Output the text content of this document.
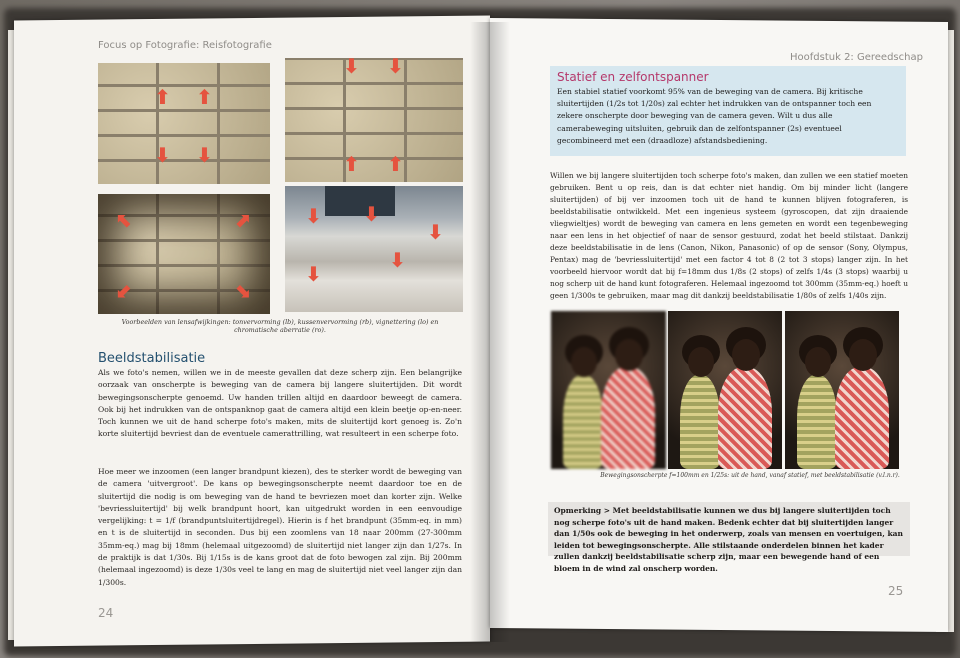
Focus op Fotografie: Reisfotografie
24
⬆ ⬆
⬇ ⬇
⬇ ⬇
⬆ ⬆
⬉	⬈
⬋	⬊
⬇ ⬇
⬇
⬇
⬇
Voorbeelden van lensafwijkingen: tonvervorming (lb), kussenvervorming (rb), vignettering (lo) en chromatische aberratie (ro).
Beeldstabilisatie
Als we foto's nemen, willen we in de meeste gevallen dat deze scherp zijn. Een belangrijke oorzaak van onscherpte is beweging van de camera bij langere sluitertijden. Dit wordt bewegingsonscherpte genoemd. Uw handen trillen altijd en daardoor beweegt de camera. Ook bij het indrukken van de ontspanknop gaat de camera altijd een klein beetje op-en-neer. Toch kunnen we uit de hand scherpe foto's maken, mits de sluitertijd kort genoeg is. Zo'n korte sluitertijd bevriest dan de eventuele camerattrilling, wat resulteert in een scherpe foto.
Hoe meer we inzoomen (een langer brandpunt kiezen), des te sterker wordt de beweging van de camera 'uitvergroot'. De kans op bewegingsonscherpte neemt daardoor toe en de sluitertijd die nodig is om beweging van de hand te bevriezen moet dan korter zijn. Welke 'bevriessluitertijd' bij welk brandpunt hoort, kan uitgedrukt worden in een eenvoudige vergelijking: t = 1/f (brandpuntsluitertijdregel). Hierin is f het brandpunt (35mm-eq. in mm) en t is de sluitertijd in seconden. Dus bij een zoomlens van 18 naar 200mm (27-300mm 35mm-eq.) mag bij 18mm (helemaal uitgezoomd) de sluitertijd niet langer zijn dan 1/27s. In de praktijk is dat 1/30s. Bij 1/15s is de kans groot dat de foto bewogen zal zijn. Bij 200mm (helemaal ingezoomd) is deze 1/30s veel te lang en mag de sluitertijd niet veel langer zijn dan 1/300s.
Hoofdstuk 2: Gereedschap
25
Statief en zelfontspanner
Een stabiel statief voorkomt 95% van de beweging van de camera. Bij kritische sluitertijden (1/2s tot 1/20s) zal echter het indrukken van de ontspanner toch een zekere onscherpte door beweging van de camera geven. Wilt u dus alle camerabeweging uitsluiten, gebruik dan de zelfontspanner (2s) eventueel gecombineerd met een (draadloze) afstandsbediening.
Willen we bij langere sluitertijden toch scherpe foto's maken, dan zullen we een statief moeten gebruiken. Bent u op reis, dan is dat echter niet handig. Om bij minder licht (langere sluitertijden) of bij ver inzoomen toch uit de hand te kunnen blijven fotograferen, is beeldstabilisatie ontwikkeld. Met een ingenieus systeem (gyroscopen, dat zijn draaiende vliegwieltjes) wordt de beweging van camera en lens gemeten en wordt een tegenbeweging naar een lens in het objectief of naar de sensor gestuurd, zodat het beeld stilstaat. Dankzij deze beeldstabilisatie in de lens (Canon, Nikon, Panasonic) of op de sensor (Sony, Olympus, Pentax) mag de 'bevriessluitertijd' met een factor 4 tot 8 (2 tot 3 stops) langer zijn. In het voorbeeld hiervoor wordt dat bij f=18mm dus 1/8s (2 stops) of zelfs 1/4s (3 stops) waarbij u nog scherp uit de hand kunt fotograferen. Helemaal ingezoomd tot 300mm (35mm-eq.) hoeft u geen 1/300s te gebruiken, maar mag dit dankzij beeldstabilisatie 1/80s of zelfs 1/40s zijn.
Bewegingsonscherpte f=100mm en 1/25s: uit de hand, vanaf statief, met beeldstabilisatie (v.l.n.r).
Opmerking > Met beeldstabilisatie kunnen we dus bij langere sluitertijden toch nog scherpe foto's uit de hand maken. Bedenk echter dat bij sluitertijden langer dan 1/50s ook de beweging in het onderwerp, zoals van mensen en voertuigen, kan leiden tot bewegingsonscherpte. Alle stilstaande onderdelen binnen het kader zullen dankzij beeldstabilisatie scherp zijn, maar een bewegende hand of een bloem in de wind zal onscherp worden.
